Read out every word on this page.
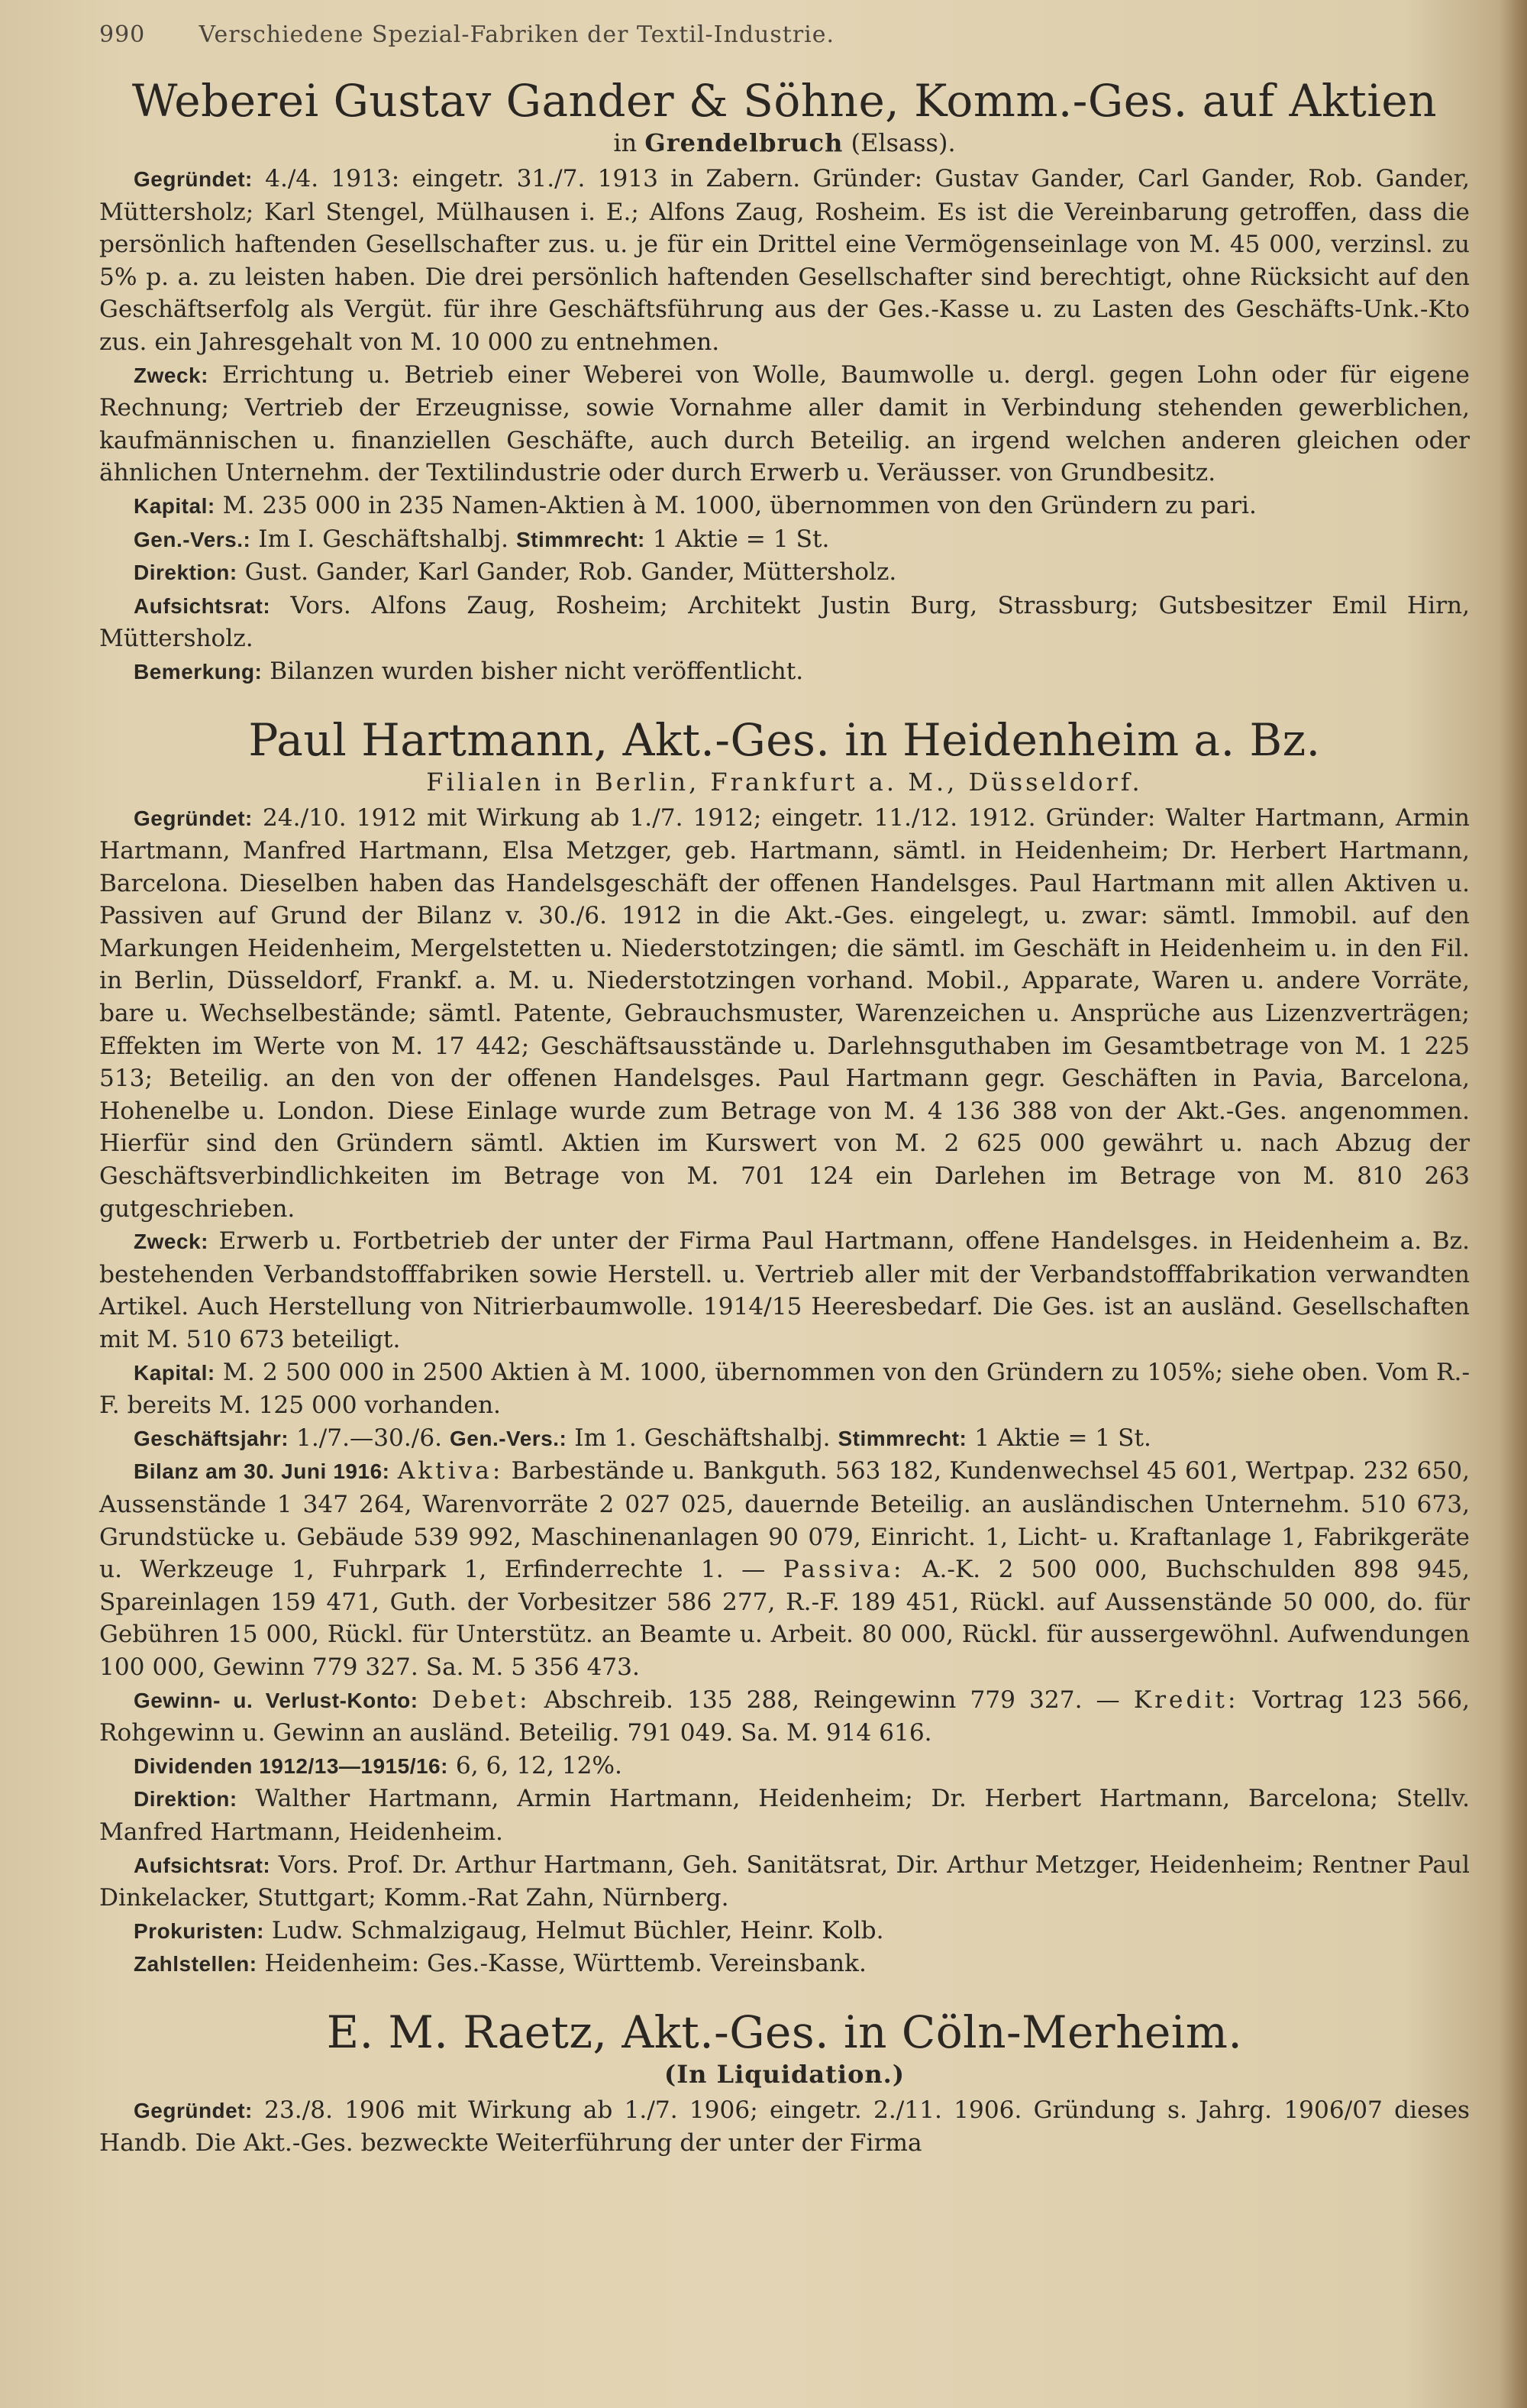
990 Verschiedene Spezial-Fabriken der Textil-Industrie.
Weberei Gustav Gander & Söhne, Komm.-Ges. auf Aktien
in Grendelbruch (Elsass).

Gegründet: 4./4. 1913: eingetr. 31./7. 1913 in Zabern. Gründer: Gustav Gander, Carl Gander, Rob. Gander, Müttersholz; Karl Stengel, Mülhausen i. E.; Alfons Zaug, Rosheim. Es ist die Vereinbarung getroffen, dass die persönlich haftenden Gesellschafter zus. u. je für ein Drittel eine Vermögenseinlage von M. 45 000, verzinsl. zu 5% p. a. zu leisten haben. Die drei persönlich haftenden Gesellschafter sind berechtigt, ohne Rücksicht auf den Geschäftserfolg als Vergüt. für ihre Geschäftsführung aus der Ges.-Kasse u. zu Lasten des Geschäfts-Unk.-Kto zus. ein Jahresgehalt von M. 10 000 zu entnehmen.

Zweck: Errichtung u. Betrieb einer Weberei von Wolle, Baumwolle u. dergl. gegen Lohn oder für eigene Rechnung; Vertrieb der Erzeugnisse, sowie Vornahme aller damit in Verbindung stehenden gewerblichen, kaufmännischen u. finanziellen Geschäfte, auch durch Beteilig. an irgend welchen anderen gleichen oder ähnlichen Unternehm. der Textilindustrie oder durch Erwerb u. Veräusser. von Grundbesitz.

Kapital: M. 235 000 in 235 Namen-Aktien à M. 1000, übernommen von den Gründern zu pari.

Gen.-Vers.: Im I. Geschäftshalbj. Stimmrecht: 1 Aktie = 1 St.

Direktion: Gust. Gander, Karl Gander, Rob. Gander, Müttersholz.

Aufsichtsrat: Vors. Alfons Zaug, Rosheim; Architekt Justin Burg, Strassburg; Gutsbesitzer Emil Hirn, Müttersholz.

Bemerkung: Bilanzen wurden bisher nicht veröffentlicht.

Paul Hartmann, Akt.-Ges. in Heidenheim a. Bz.
Filialen in Berlin, Frankfurt a. M., Düsseldorf.

Gegründet: 24./10. 1912 mit Wirkung ab 1./7. 1912; eingetr. 11./12. 1912. Gründer: Walter Hartmann, Armin Hartmann, Manfred Hartmann, Elsa Metzger, geb. Hartmann, sämtl. in Heidenheim; Dr. Herbert Hartmann, Barcelona. Dieselben haben das Handelsgeschäft der offenen Handelsges. Paul Hartmann mit allen Aktiven u. Passiven auf Grund der Bilanz v. 30./6. 1912 in die Akt.-Ges. eingelegt, u. zwar: sämtl. Immobil. auf den Markungen Heidenheim, Mergelstetten u. Niederstotzingen; die sämtl. im Geschäft in Heidenheim u. in den Fil. in Berlin, Düsseldorf, Frankf. a. M. u. Niederstotzingen vorhand. Mobil., Apparate, Waren u. andere Vorräte, bare u. Wechselbestände; sämtl. Patente, Gebrauchsmuster, Warenzeichen u. Ansprüche aus Lizenzverträgen; Effekten im Werte von M. 17 442; Geschäftsausstände u. Darlehnsguthaben im Gesamtbetrage von M. 1 225 513; Beteilig. an den von der offenen Handelsges. Paul Hartmann gegr. Geschäften in Pavia, Barcelona, Hohenelbe u. London. Diese Einlage wurde zum Betrage von M. 4 136 388 von der Akt.-Ges. angenommen. Hierfür sind den Gründern sämtl. Aktien im Kurswert von M. 2 625 000 gewährt u. nach Abzug der Geschäftsverbindlichkeiten im Betrage von M. 701 124 ein Darlehen im Betrage von M. 810 263 gutgeschrieben.

Zweck: Erwerb u. Fortbetrieb der unter der Firma Paul Hartmann, offene Handelsges. in Heidenheim a. Bz. bestehenden Verbandstofffabriken sowie Herstell. u. Vertrieb aller mit der Verbandstofffabrikation verwandten Artikel. Auch Herstellung von Nitrierbaumwolle. 1914/15 Heeresbedarf. Die Ges. ist an ausländ. Gesellschaften mit M. 510 673 beteiligt.

Kapital: M. 2 500 000 in 2500 Aktien à M. 1000, übernommen von den Gründern zu 105%; siehe oben. Vom R.-F. bereits M. 125 000 vorhanden.

Geschäftsjahr: 1./7.—30./6. Gen.-Vers.: Im 1. Geschäftshalbj. Stimmrecht: 1 Aktie = 1 St.

Bilanz am 30. Juni 1916: Aktiva: Barbestände u. Bankguth. 563 182, Kundenwechsel 45 601, Wertpap. 232 650, Aussenstände 1 347 264, Warenvorräte 2 027 025, dauernde Beteilig. an ausländischen Unternehm. 510 673, Grundstücke u. Gebäude 539 992, Maschinenanlagen 90 079, Einricht. 1, Licht- u. Kraftanlage 1, Fabrikgeräte u. Werkzeuge 1, Fuhrpark 1, Erfinderrechte 1. — Passiva: A.-K. 2 500 000, Buchschulden 898 945, Spareinlagen 159 471, Guth. der Vorbesitzer 586 277, R.-F. 189 451, Rückl. auf Aussenstände 50 000, do. für Gebühren 15 000, Rückl. für Unterstütz. an Beamte u. Arbeit. 80 000, Rückl. für aussergewöhnl. Aufwendungen 100 000, Gewinn 779 327. Sa. M. 5 356 473.

Gewinn- u. Verlust-Konto: Debet: Abschreib. 135 288, Reingewinn 779 327. — Kredit: Vortrag 123 566, Rohgewinn u. Gewinn an ausländ. Beteilig. 791 049. Sa. M. 914 616.

Dividenden 1912/13—1915/16: 6, 6, 12, 12%.

Direktion: Walther Hartmann, Armin Hartmann, Heidenheim; Dr. Herbert Hartmann, Barcelona; Stellv. Manfred Hartmann, Heidenheim.

Aufsichtsrat: Vors. Prof. Dr. Arthur Hartmann, Geh. Sanitätsrat, Dir. Arthur Metzger, Heidenheim; Rentner Paul Dinkelacker, Stuttgart; Komm.-Rat Zahn, Nürnberg.

Prokuristen: Ludw. Schmalzigaug, Helmut Büchler, Heinr. Kolb.

Zahlstellen: Heidenheim: Ges.-Kasse, Württemb. Vereinsbank.

E. M. Raetz, Akt.-Ges. in Cöln-Merheim.
(In Liquidation.)

Gegründet: 23./8. 1906 mit Wirkung ab 1./7. 1906; eingetr. 2./11. 1906. Gründung s. Jahrg. 1906/07 dieses Handb. Die Akt.-Ges. bezweckte Weiterführung der unter der Firma
